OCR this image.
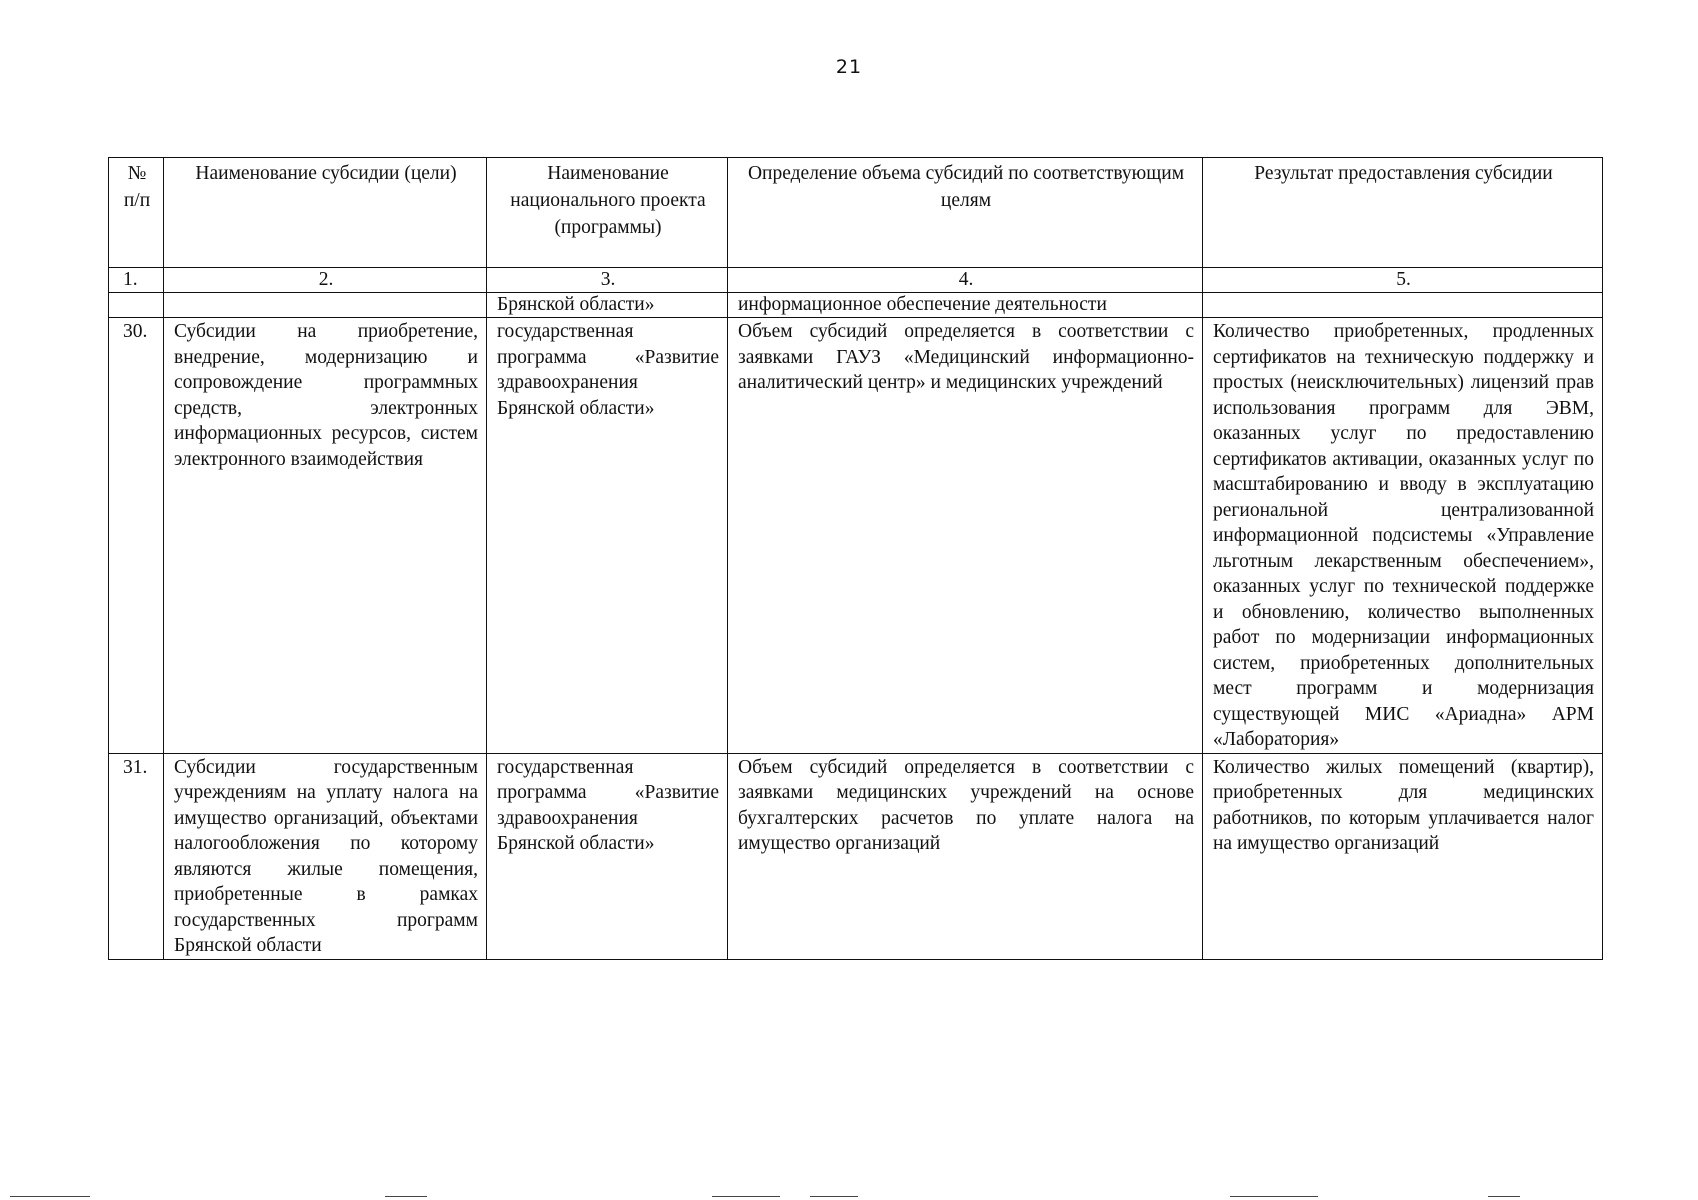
21
№ п/п	Наименование субсидии (цели)	Наименование национального проекта (программы)	Определение объема субсидий по соответствующим целям	Результат предоставления субсидии
1.	2.	3.	4.	5.
		Брянской области»	информационное обеспечение деятельности	
30.	Субсидии на приобретение, внедрение, модернизацию и сопровождение программных средств, электронных информационных ресурсов, систем электронного взаимодействия	государственная программа «Развитие здравоохранения Брянской области»	Объем субсидий определяется в соответствии с заявками ГАУЗ «Медицинский информационно-аналитический центр» и медицинских учреждений	Количество приобретенных, продленных сертификатов на техническую поддержку и простых (неисключительных) лицензий прав использования программ для ЭВМ, оказанных услуг по предоставлению сертификатов активации, оказанных услуг по масштабированию и вводу в эксплуатацию региональной централизованной информационной подсистемы «Управление льготным лекарственным обеспечением», оказанных услуг по технической поддержке и обновлению, количество выполненных работ по модернизации информационных систем, приобретенных дополнительных мест программ и модернизация существующей МИС «Ариадна» АРМ «Лаборатория»
31.	Субсидии государственным учреждениям на уплату налога на имущество организаций, объектами налогообложения по которому являются жилые помещения, приобретенные в рамках государственных программ Брянской области	государственная программа «Развитие здравоохранения Брянской области»	Объем субсидий определяется в соответствии с заявками медицинских учреждений на основе бухгалтерских расчетов по уплате налога на имущество организаций	Количество жилых помещений (квартир), приобретенных для медицинских работников, по которым уплачивается налог на имущество организаций
